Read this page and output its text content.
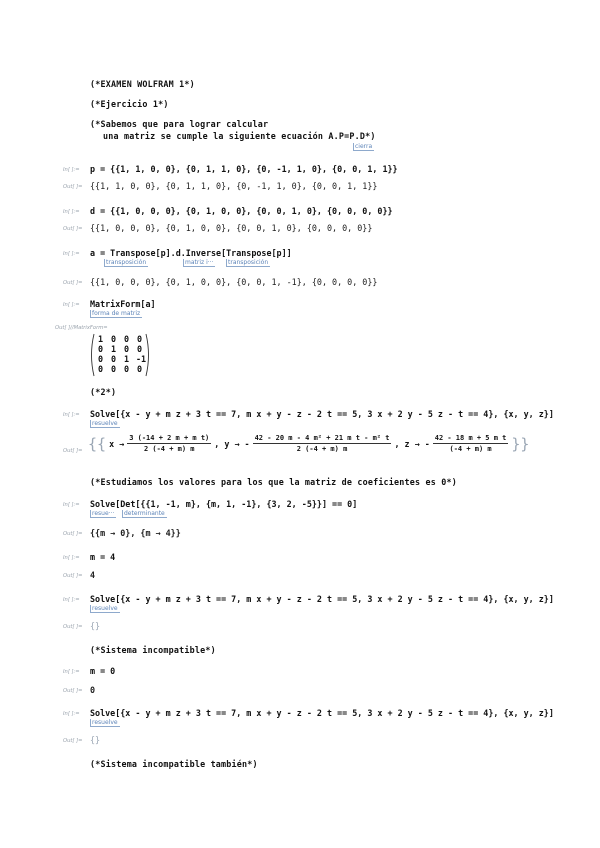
(*EXAMEN WOLFRAM 1*)
(*Ejercicio 1*)
(*Sabemos que para lograr calcular
una matriz se cumple la siguiente ecuación A.P=P.D*)
cierra
In[ ]:= p = {{1, 1, 0, 0}, {0, 1, 1, 0}, {0, -1, 1, 0}, {0, 0, 1, 1}}
Out[ ]= {{1, 1, 0, 0}, {0, 1, 1, 0}, {0, -1, 1, 0}, {0, 0, 1, 1}}
In[ ]:= d = {{1, 0, 0, 0}, {0, 1, 0, 0}, {0, 0, 1, 0}, {0, 0, 0, 0}}
Out[ ]= {{1, 0, 0, 0}, {0, 1, 0, 0}, {0, 0, 1, 0}, {0, 0, 0, 0}}
In[ ]:= a = Transpose[p].d.Inverse[Transpose[p]]
transposición	matriz i···	transposición
Out[ ]= {{1, 0, 0, 0}, {0, 1, 0, 0}, {0, 0, 1, -1}, {0, 0, 0, 0}}
In[ ]:= MatrixForm[a]
forma de matriz
Out[ ]//MatrixForm=
1 0 0 0
0 1 0 0
0 0 1 -1
0 0 0 0
(*2*)
In[ ]:= Solve[{x - y + m z + 3 t == 7, m x + y - z - 2 t == 5, 3 x + 2 y - 5 z - t == 4}, {x, y, z}]
resuelve
Out[ ]= {{ $x \to \frac{\text{3 (-14 + 2 m + m t)}}{2 (-4 + m) m}$ , y → - $\frac{\text{42 - 20 m - 4 m² + 21 m t - m² t}}{2 (-4 + m) m}$ , z → - $\frac{\text{42 - 18 m + 5 m t}}{(-4 + m) m}$ }}
(*Estudiamos los valores para los que la matriz de coeficientes es 0*)
In[ ]:= Solve[Det[{{1, -1, m}, {m, 1, -1}, {3, 2, -5}}] == 0]
resue···	determinante
Out[ ]= {{m → 0}, {m → 4}}
In[ ]:= m = 4
Out[ ]= 4
In[ ]:= Solve[{x - y + m z + 3 t == 7, m x + y - z - 2 t == 5, 3 x + 2 y - 5 z - t == 4}, {x, y, z}]
resuelve
Out[ ]= {}
(*Sistema incompatible*)
In[ ]:= m = 0
Out[ ]= 0
In[ ]:= Solve[{x - y + m z + 3 t == 7, m x + y - z - 2 t == 5, 3 x + 2 y - 5 z - t == 4}, {x, y, z}]
resuelve
Out[ ]= {}
(*Sistema incompatible también*)
